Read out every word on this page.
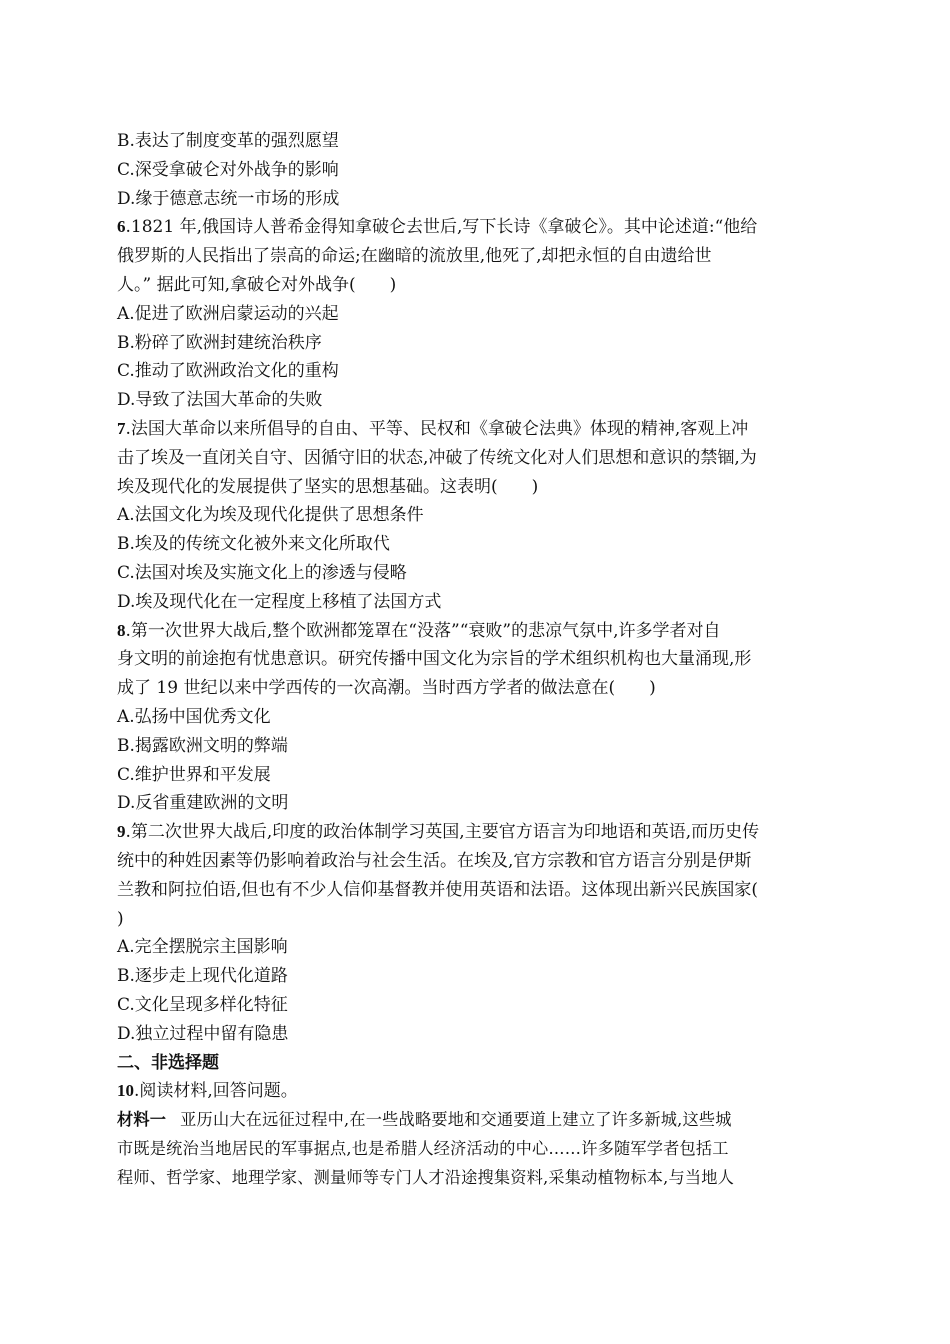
B.表达了制度变革的强烈愿望
C.深受拿破仑对外战争的影响
D.缘于德意志统一市场的形成
6.1821 年,俄国诗人普希金得知拿破仑去世后,写下长诗《拿破仑》。其中论述道:“他给
俄罗斯的人民指出了崇高的命运;在幽暗的流放里,他死了,却把永恒的自由遗给世
人。” 据此可知,拿破仑对外战争(　　)
A.促进了欧洲启蒙运动的兴起
B.粉碎了欧洲封建统治秩序
C.推动了欧洲政治文化的重构
D.导致了法国大革命的失败
7.法国大革命以来所倡导的自由、平等、民权和《拿破仑法典》体现的精神,客观上冲
击了埃及一直闭关自守、因循守旧的状态,冲破了传统文化对人们思想和意识的禁锢,为
埃及现代化的发展提供了坚实的思想基础。这表明(　　)
A.法国文化为埃及现代化提供了思想条件
B.埃及的传统文化被外来文化所取代
C.法国对埃及实施文化上的渗透与侵略
D.埃及现代化在一定程度上移植了法国方式
8.第一次世界大战后,整个欧洲都笼罩在“没落”“衰败”的悲凉气氛中,许多学者对自
身文明的前途抱有忧患意识。研究传播中国文化为宗旨的学术组织机构也大量涌现,形
成了 19 世纪以来中学西传的一次高潮。当时西方学者的做法意在(　　)
A.弘扬中国优秀文化
B.揭露欧洲文明的弊端
C.维护世界和平发展
D.反省重建欧洲的文明
9.第二次世界大战后,印度的政治体制学习英国,主要官方语言为印地语和英语,而历史传
统中的种姓因素等仍影响着政治与社会生活。在埃及,官方宗教和官方语言分别是伊斯
兰教和阿拉伯语,但也有不少人信仰基督教并使用英语和法语。这体现出新兴民族国家(
)
A.完全摆脱宗主国影响
B.逐步走上现代化道路
C.文化呈现多样化特征
D.独立过程中留有隐患
二、非选择题
10.阅读材料,回答问题。
材料一 亚历山大在远征过程中,在一些战略要地和交通要道上建立了许多新城,这些城
市既是统治当地居民的军事据点,也是希腊人经济活动的中心……许多随军学者包括工
程师、哲学家、地理学家、测量师等专门人才沿途搜集资料,采集动植物标本,与当地人
